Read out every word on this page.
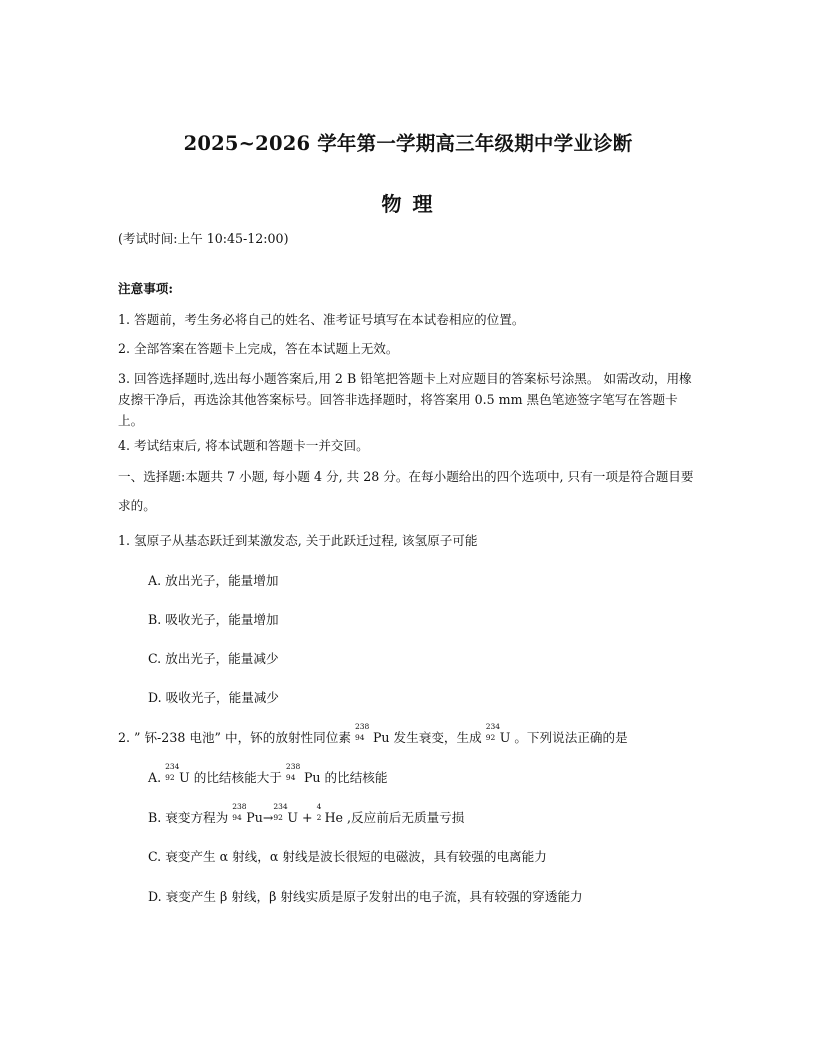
2025~2026 学年第一学期高三年级期中学业诊断
物 理
(考试时间:上午 10:45-12:00)
注意事项:
1. 答题前，考生务必将自己的姓名、准考证号填写在本试卷相应的位置。
2. 全部答案在答题卡上完成，答在本试题上无效。
3. 回答选择题时,选出每小题答案后,用 2 B 铅笔把答题卡上对应题目的答案标号涂黑。 如需改动，用橡皮擦干净后，再选涂其他答案标号。回答非选择题时，将答案用 0.5 mm 黑色笔迹签字笔写在答题卡上。
4. 考试结束后, 将本试题和答题卡一并交回。
一、选择题:本题共 7 小题, 每小题 4 分, 共 28 分。在每小题给出的四个选项中, 只有一项是符合题目要求的。
1. 氢原子从基态跃迁到某激发态, 关于此跃迁过程, 该氢原子可能
A. 放出光子，能量增加
B. 吸收光子，能量增加
C. 放出光子，能量减少
D. 吸收光子，能量减少
2. ” 钚-238 电池” 中，钚的放射性同位素
238
94 Pu 发生衰变，生成
234
92 U 。下列说法正确的是
A.
234
92 U 的比结核能大于
238
94 Pu 的比结核能
B. 衰变方程为
238
94 Pu→
234
92 U +
4
2 He ,反应前后无质量亏损
C. 衰变产生 α 射线，α 射线是波长很短的电磁波，具有较强的电离能力
D. 衰变产生 β 射线，β 射线实质是原子发射出的电子流，具有较强的穿透能力
